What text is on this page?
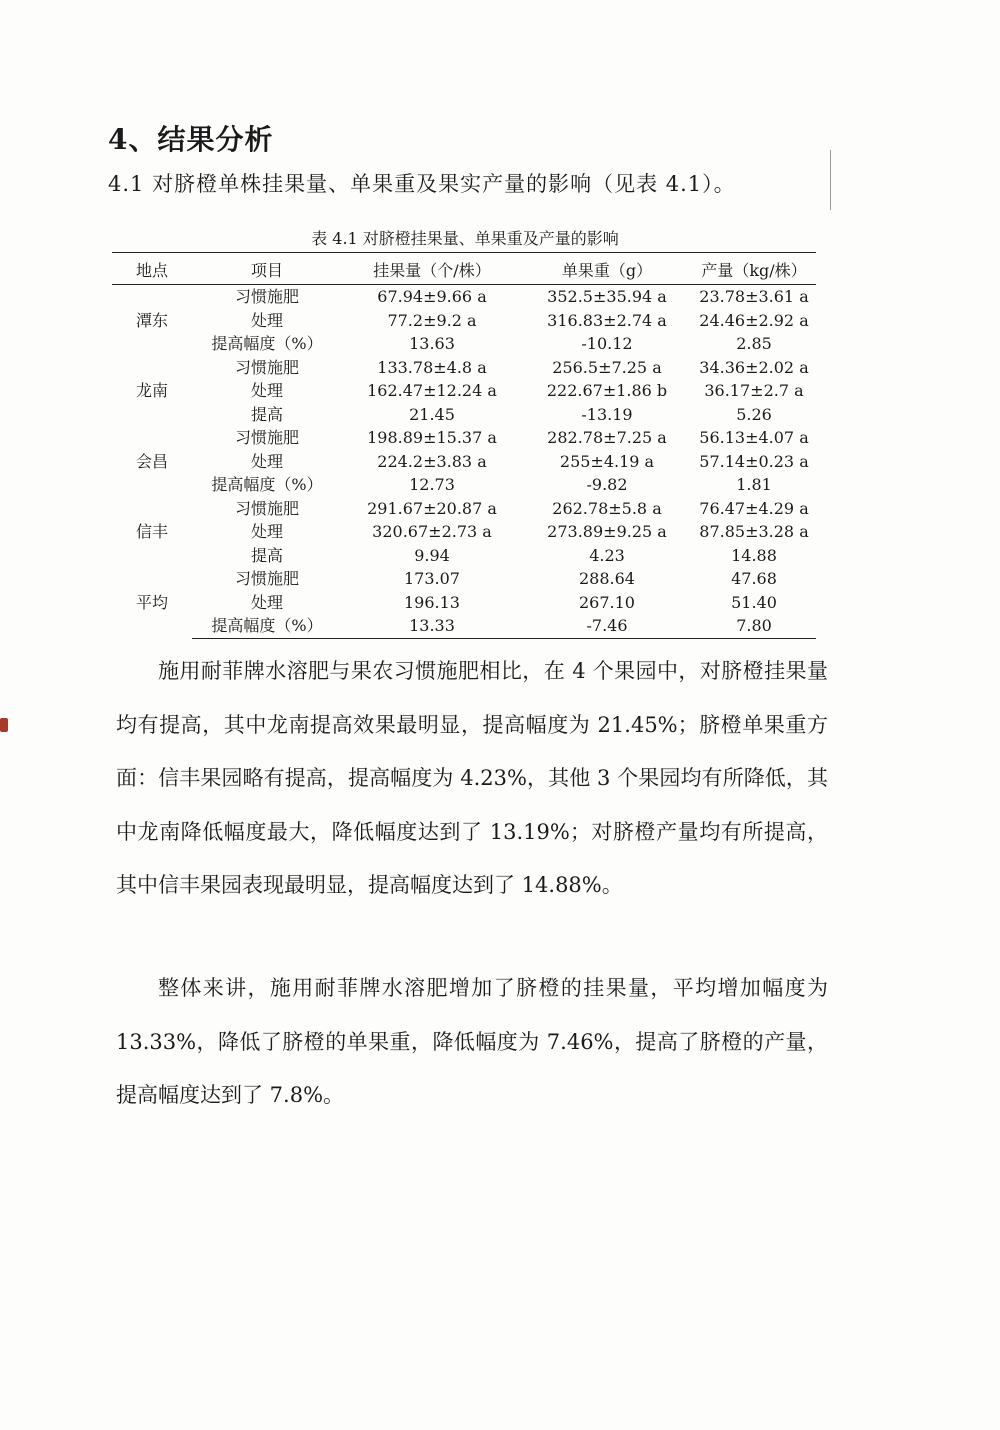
4、结果分析
4.1 对脐橙单株挂果量、单果重及果实产量的影响（见表 4.1）。
表 4.1 对脐橙挂果量、单果重及产量的影响
地点	项目	挂果量（个/株）	单果重（g）	产量（kg/株）
潭东	习惯施肥	67.94±9.66 a	352.5±35.94 a	23.78±3.61 a
	处理	77.2±9.2 a	316.83±2.74 a	24.46±2.92 a
	提高幅度（%）	13.63	-10.12	2.85
龙南	习惯施肥	133.78±4.8 a	256.5±7.25 a	34.36±2.02 a
	处理	162.47±12.24 a	222.67±1.86 b	36.17±2.7 a
	提高	21.45	-13.19	5.26
会昌	习惯施肥	198.89±15.37 a	282.78±7.25 a	56.13±4.07 a
	处理	224.2±3.83 a	255±4.19 a	57.14±0.23 a
	提高幅度（%）	12.73	-9.82	1.81
信丰	习惯施肥	291.67±20.87 a	262.78±5.8 a	76.47±4.29 a
	处理	320.67±2.73 a	273.89±9.25 a	87.85±3.28 a
	提高	9.94	4.23	14.88
平均	习惯施肥	173.07	288.64	47.68
	处理	196.13	267.10	51.40
	提高幅度（%）	13.33	-7.46	7.80

施用耐菲牌水溶肥与果农习惯施肥相比，在 4 个果园中，对脐橙挂果量均有提高，其中龙南提高效果最明显，提高幅度为 21.45%；脐橙单果重方面：信丰果园略有提高，提高幅度为 4.23%，其他 3 个果园均有所降低，其中龙南降低幅度最大，降低幅度达到了 13.19%；对脐橙产量均有所提高，其中信丰果园表现最明显，提高幅度达到了 14.88%。

整体来讲，施用耐菲牌水溶肥增加了脐橙的挂果量，平均增加幅度为 13.33%，降低了脐橙的单果重，降低幅度为 7.46%，提高了脐橙的产量，提高幅度达到了 7.8%。
